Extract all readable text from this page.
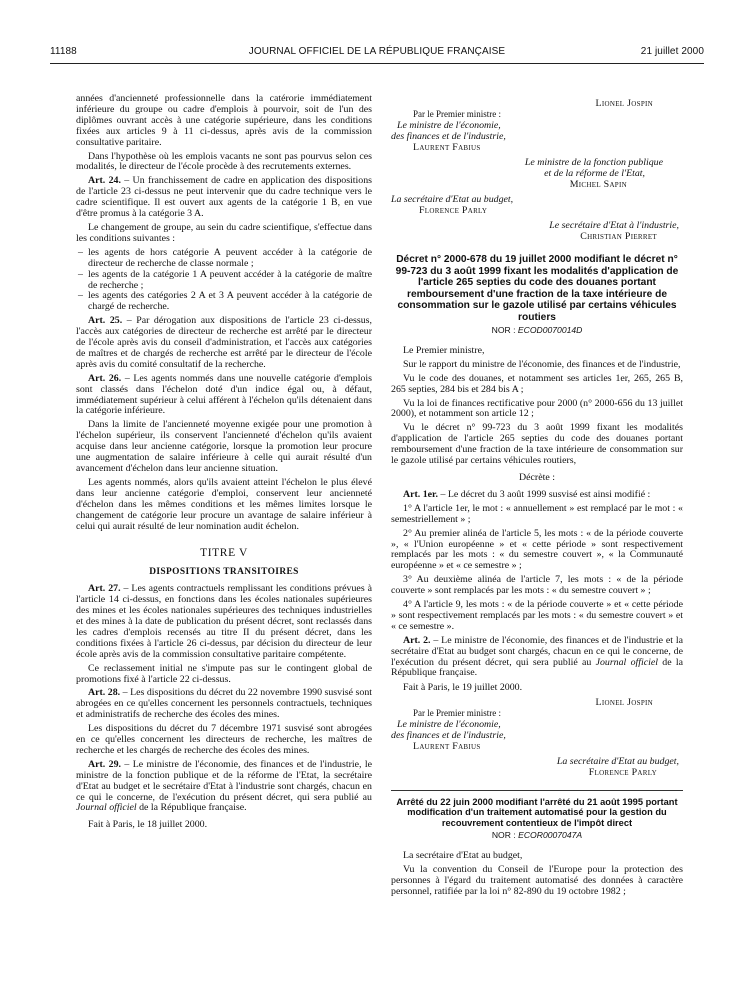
11188	JOURNAL OFFICIEL DE LA RÉPUBLIQUE FRANÇAISE	21 juillet 2000

années d'ancienneté professionnelle dans la catérorie immédiatement inférieure du groupe ou cadre d'emplois à pourvoir, soit de l'un des diplômes ouvrant accès à une catégorie supérieure, dans les conditions fixées aux articles 9 à 11 ci-dessus, après avis de la commission consultative paritaire.

Dans l'hypothèse où les emplois vacants ne sont pas pourvus selon ces modalités, le directeur de l'école procède à des recrutements externes.

Art. 24. – Un franchissement de cadre en application des dispositions de l'article 23 ci-dessus ne peut intervenir que du cadre technique vers le cadre scientifique. Il est ouvert aux agents de la catégorie 1 B, en vue d'être promus à la catégorie 3 A.

Le changement de groupe, au sein du cadre scientifique, s'effectue dans les conditions suivantes :

– les agents de hors catégorie A peuvent accéder à la catégorie de directeur de recherche de classe normale ;
– les agents de la catégorie 1 A peuvent accéder à la catégorie de maître de recherche ;
– les agents des catégories 2 A et 3 A peuvent accéder à la catégorie de chargé de recherche.

Art. 25. – Par dérogation aux dispositions de l'article 23 ci-dessus, l'accès aux catégories de directeur de recherche est arrêté par le directeur de l'école après avis du conseil d'administration, et l'accès aux catégories de maîtres et de chargés de recherche est arrêté par le directeur de l'école après avis du comité consultatif de la recherche.

Art. 26. – Les agents nommés dans une nouvelle catégorie d'emplois sont classés dans l'échelon doté d'un indice égal ou, à défaut, immédiatement supérieur à celui afférent à l'échelon qu'ils détenaient dans la catégorie inférieure.

Dans la limite de l'ancienneté moyenne exigée pour une promotion à l'échelon supérieur, ils conservent l'ancienneté d'échelon qu'ils avaient acquise dans leur ancienne catégorie, lorsque la promotion leur procure une augmentation de salaire inférieure à celle qui aurait résulté d'un avancement d'échelon dans leur ancienne situation.

Les agents nommés, alors qu'ils avaient atteint l'échelon le plus élevé dans leur ancienne catégorie d'emploi, conservent leur ancienneté d'échelon dans les mêmes conditions et les mêmes limites lorsque le changement de catégorie leur procure un avantage de salaire inférieur à celui qui aurait résulté de leur nomination audit échelon.

TITRE V
DISPOSITIONS TRANSITOIRES

Art. 27. – Les agents contractuels remplissant les conditions prévues à l'article 14 ci-dessus, en fonctions dans les écoles nationales supérieures des mines et les écoles nationales supérieures des techniques industrielles et des mines à la date de publication du présent décret, sont reclassés dans les cadres d'emplois recensés au titre II du présent décret, dans les conditions fixées à l'article 26 ci-dessus, par décision du directeur de leur école après avis de la commission consultative paritaire compétente.

Ce reclassement initial ne s'impute pas sur le contingent global de promotions fixé à l'article 22 ci-dessus.

Art. 28. – Les dispositions du décret du 22 novembre 1990 susvisé sont abrogées en ce qu'elles concernent les personnels contractuels, techniques et administratifs de recherche des écoles des mines.

Les dispositions du décret du 7 décembre 1971 susvisé sont abrogées en ce qu'elles concernent les directeurs de recherche, les maîtres de recherche et les chargés de recherche des écoles des mines.

Art. 29. – Le ministre de l'économie, des finances et de l'industrie, le ministre de la fonction publique et de la réforme de l'Etat, la secrétaire d'Etat au budget et le secrétaire d'Etat à l'industrie sont chargés, chacun en ce qui le concerne, de l'exécution du présent décret, qui sera publié au Journal officiel de la République française.

Fait à Paris, le 18 juillet 2000.

Lionel Jospin
Par le Premier ministre :
Le ministre de l'économie,
des finances et de l'industrie,
Laurent Fabius
Le ministre de la fonction publique
et de la réforme de l'Etat,
Michel Sapin
La secrétaire d'Etat au budget,
Florence Parly
Le secrétaire d'Etat à l'industrie,
Christian Pierret
Décret n° 2000-678 du 19 juillet 2000 modifiant le décret n° 99-723 du 3 août 1999 fixant les modalités d'application de l'article 265 septies du code des douanes portant remboursement d'une fraction de la taxe intérieure de consommation sur le gazole utilisé par certains véhicules routiers
NOR : ECOD0070014D

Le Premier ministre,

Sur le rapport du ministre de l'économie, des finances et de l'industrie,

Vu le code des douanes, et notamment ses articles 1er, 265, 265 B, 265 septies, 284 bis et 284 bis A ;

Vu la loi de finances rectificative pour 2000 (n° 2000-656 du 13 juillet 2000), et notamment son article 12 ;

Vu le décret n° 99-723 du 3 août 1999 fixant les modalités d'application de l'article 265 septies du code des douanes portant remboursement d'une fraction de la taxe intérieure de consommation sur le gazole utilisé par certains véhicules routiers,

Décrète :

Art. 1er. – Le décret du 3 août 1999 susvisé est ainsi modifié :

1° A l'article 1er, le mot : « annuellement » est remplacé par le mot : « semestriellement » ;

2° Au premier alinéa de l'article 5, les mots : « de la période couverte », « l'Union européenne » et « cette période » sont respectivement remplacés par les mots : « du semestre couvert », « la Communauté européenne » et « ce semestre » ;

3° Au deuxième alinéa de l'article 7, les mots : « de la période couverte » sont remplacés par les mots : « du semestre couvert » ;

4° A l'article 9, les mots : « de la période couverte » et « cette période » sont respectivement remplacés par les mots : « du semestre couvert » et « ce semestre ».

Art. 2. – Le ministre de l'économie, des finances et de l'industrie et la secrétaire d'Etat au budget sont chargés, chacun en ce qui le concerne, de l'exécution du présent décret, qui sera publié au Journal officiel de la République française.

Fait à Paris, le 19 juillet 2000.

Lionel Jospin
Par le Premier ministre :
Le ministre de l'économie,
des finances et de l'industrie,
Laurent Fabius
La secrétaire d'Etat au budget,
Florence Parly
Arrêté du 22 juin 2000 modifiant l'arrêté du 21 août 1995 portant modification d'un traitement automatisé pour la gestion du recouvrement contentieux de l'impôt direct
NOR : ECOR0007047A

La secrétaire d'Etat au budget,

Vu la convention du Conseil de l'Europe pour la protection des personnes à l'égard du traitement automatisé des données à caractère personnel, ratifiée par la loi n° 82-890 du 19 octobre 1982 ;
